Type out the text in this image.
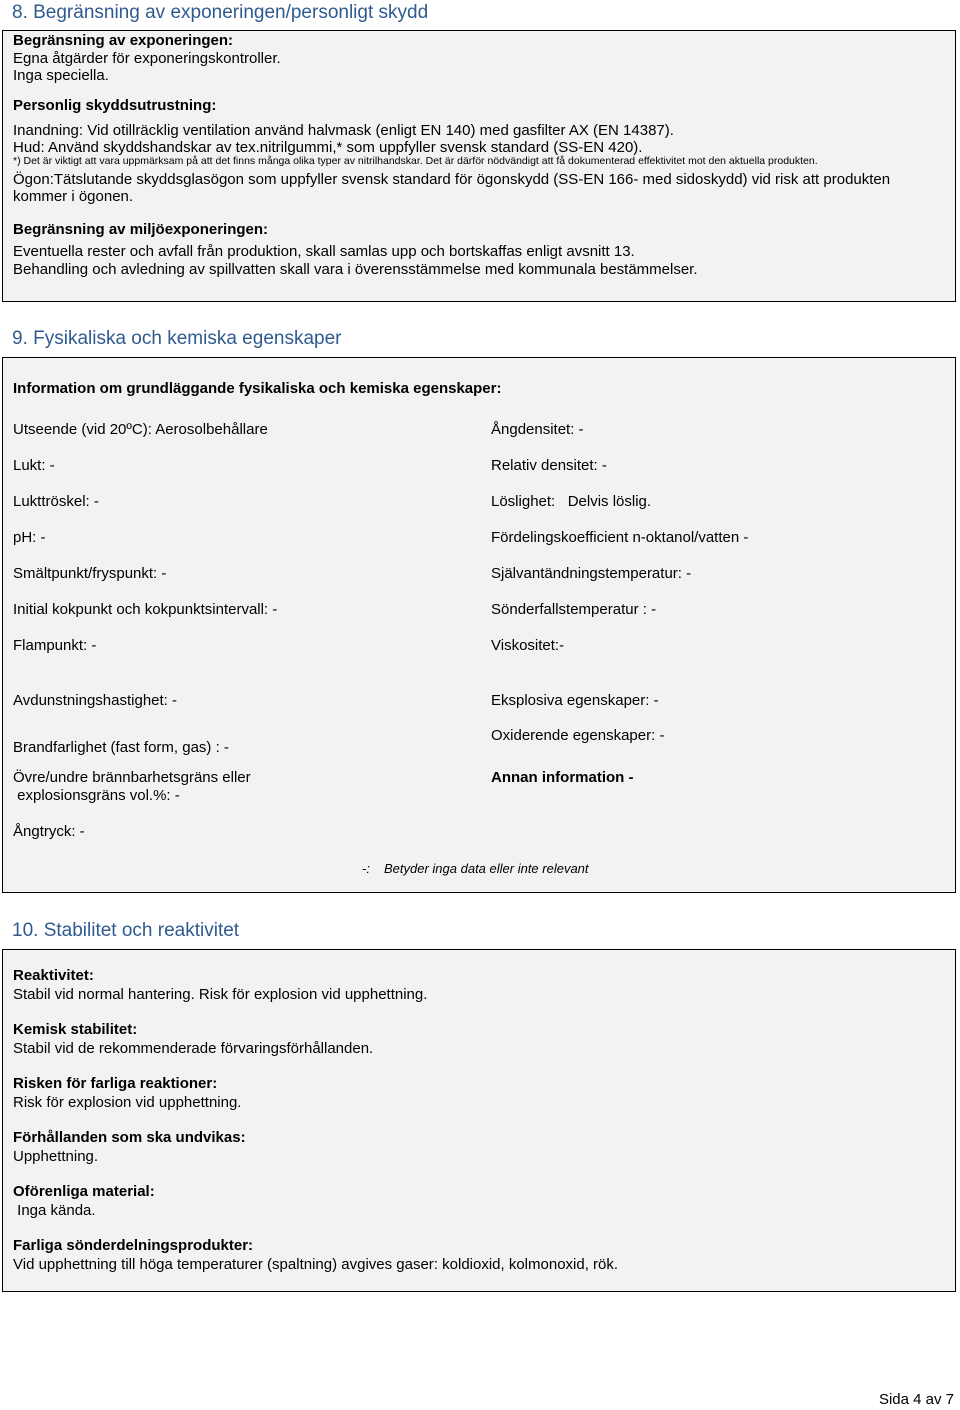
8. Begränsning av exponeringen/personligt skydd
Begränsning av exponeringen:
Egna åtgärder för exponeringskontroller.
Inga speciella.
Personlig skyddsutrustning:
Inandning: Vid otillräcklig ventilation använd halvmask (enligt EN 140) med gasfilter AX (EN 14387).
Hud: Använd skyddshandskar av tex.nitrilgummi,* som uppfyller svensk standard (SS-EN 420).
*) Det är viktigt att vara uppmärksam på att det finns många olika typer av nitrilhandskar. Det är därför nödvändigt att få dokumenterad effektivitet mot den aktuella produkten.
Ögon:Tätslutande skyddsglasögon som uppfyller svensk standard för ögonskydd (SS-EN 166- med sidoskydd) vid risk att produkten
kommer i ögonen.
Begränsning av miljöexponeringen:
Eventuella rester och avfall från produktion, skall samlas upp och bortskaffas enligt avsnitt 13.
Behandling och avledning av spillvatten skall vara i överensstämmelse med kommunala bestämmelser.
9. Fysikaliska och kemiska egenskaper
Information om grundläggande fysikaliska och kemiska egenskaper:
Utseende (vid 20ºC): Aerosolbehållare
Lukt: -
Lukttröskel: -
pH: -
Smältpunkt/fryspunkt: -
Initial kokpunkt och kokpunktsintervall: -
Flampunkt: -
Avdunstningshastighet: -
Brandfarlighet (fast form, gas) : -
Övre/undre brännbarhetsgräns eller
explosionsgräns vol.%: -
Ångtryck: -
Ångdensitet: -
Relativ densitet: -
Löslighet:   Delvis löslig.
Fördelingskoefficient n-oktanol/vatten -
Självantändningstemperatur: -
Sönderfallstemperatur : -
Viskositet:-
Eksplosiva egenskaper: -
Oxiderende egenskaper: -
Annan information -
-: Betyder inga data eller inte relevant
10. Stabilitet och reaktivitet
Reaktivitet:
Stabil vid normal hantering. Risk för explosion vid upphettning.
Kemisk stabilitet:
Stabil vid de rekommenderade förvaringsförhållanden.
Risken för farliga reaktioner:
Risk för explosion vid upphettning.
Förhållanden som ska undvikas:
Upphettning.
Oförenliga material:
Inga kända.
Farliga sönderdelningsprodukter:
Vid upphettning till höga temperaturer (spaltning) avgives gaser: koldioxid, kolmonoxid, rök.
Sida 4 av 7
